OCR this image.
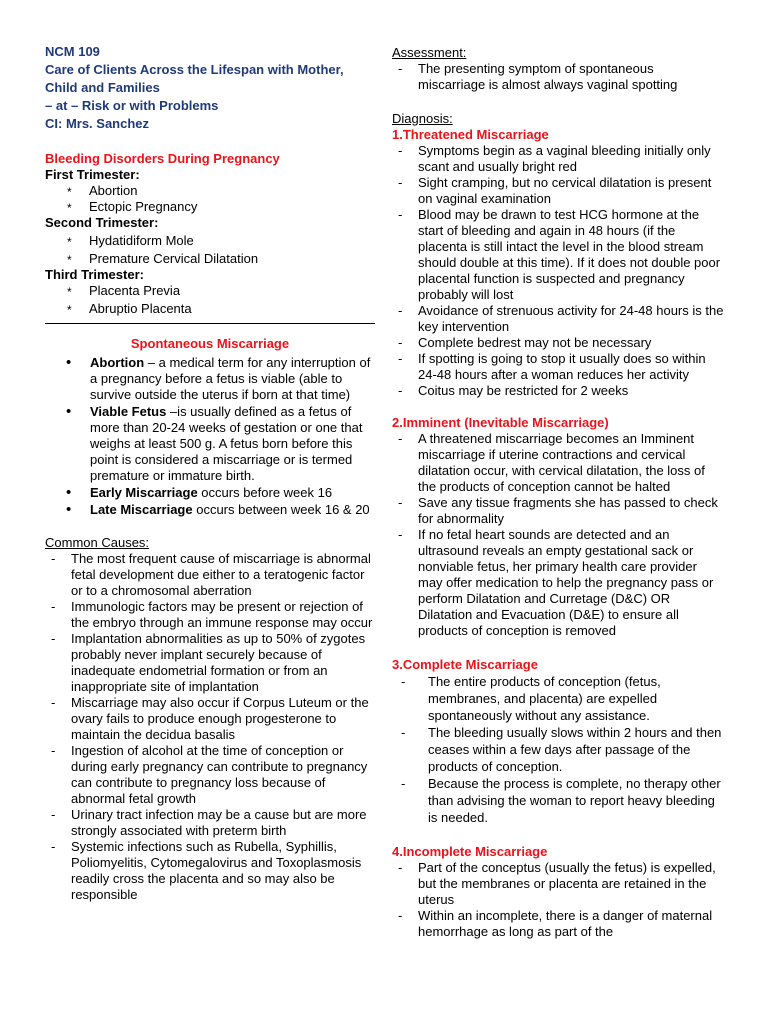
NCM 109
Care of Clients Across the Lifespan with Mother,
Child and Families
– at – Risk or with Problems
CI: Mrs. Sanchez
Bleeding Disorders During Pregnancy
First Trimester:
* Abortion
* Ectopic Pregnancy
Second Trimester:
* Hydatidiform Mole
* Premature Cervical Dilatation
Third Trimester:
* Placenta Previa
* Abruptio Placenta
Spontaneous Miscarriage
• Abortion – a medical term for any interruption of a pregnancy before a fetus is viable (able to survive outside the uterus if born at that time)
• Viable Fetus –is usually defined as a fetus of more than 20-24 weeks of gestation or one that weighs at least 500 g. A fetus born before this point is considered a miscarriage or is termed premature or immature birth.
• Early Miscarriage occurs before week 16
• Late Miscarriage occurs between week 16 & 20
Common Causes:
- The most frequent cause of miscarriage is abnormal fetal development due either to a teratogenic factor or to a chromosomal aberration
- Immunologic factors may be present or rejection of the embryo through an immune response may occur
- Implantation abnormalities as up to 50% of zygotes probably never implant securely because of inadequate endometrial formation or from an inappropriate site of implantation
- Miscarriage may also occur if Corpus Luteum or the ovary fails to produce enough progesterone to maintain the decidua basalis
- Ingestion of alcohol at the time of conception or during early pregnancy can contribute to pregnancy can contribute to pregnancy loss because of abnormal fetal growth
- Urinary tract infection may be a cause but are more strongly associated with preterm birth
- Systemic infections such as Rubella, Syphillis, Poliomyelitis, Cytomegalovirus and Toxoplasmosis readily cross the placenta and so may also be responsible
Assessment:
- The presenting symptom of spontaneous miscarriage is almost always vaginal spotting
Diagnosis:
1.Threatened Miscarriage
- Symptoms begin as a vaginal bleeding initially only scant and usually bright red
- Sight cramping, but no cervical dilatation is present on vaginal examination
- Blood may be drawn to test HCG hormone at the start of bleeding and again in 48 hours (if the placenta is still intact the level in the blood stream should double at this time). If it does not double poor placental function is suspected and pregnancy probably will lost
- Avoidance of strenuous activity for 24-48 hours is the key intervention
- Complete bedrest may not be necessary
- If spotting is going to stop it usually does so within 24-48 hours after a woman reduces her activity
- Coitus may be restricted for 2 weeks
2.Imminent (Inevitable Miscarriage)
- A threatened miscarriage becomes an Imminent miscarriage if uterine contractions and cervical dilatation occur, with cervical dilatation, the loss of the products of conception cannot be halted
- Save any tissue fragments she has passed to check for abnormality
- If no fetal heart sounds are detected and an ultrasound reveals an empty gestational sack or nonviable fetus, her primary health care provider may offer medication to help the pregnancy pass or perform Dilatation and Curretage (D&C) OR Dilatation and Evacuation (D&E) to ensure all products of conception is removed
3.Complete Miscarriage
- The entire products of conception (fetus, membranes, and placenta) are expelled spontaneously without any assistance.
- The bleeding usually slows within 2 hours and then ceases within a few days after passage of the products of conception.
- Because the process is complete, no therapy other than advising the woman to report heavy bleeding is needed.
4.Incomplete Miscarriage
- Part of the conceptus (usually the fetus) is expelled, but the membranes or placenta are retained in the uterus
- Within an incomplete, there is a danger of maternal hemorrhage as long as part of the
